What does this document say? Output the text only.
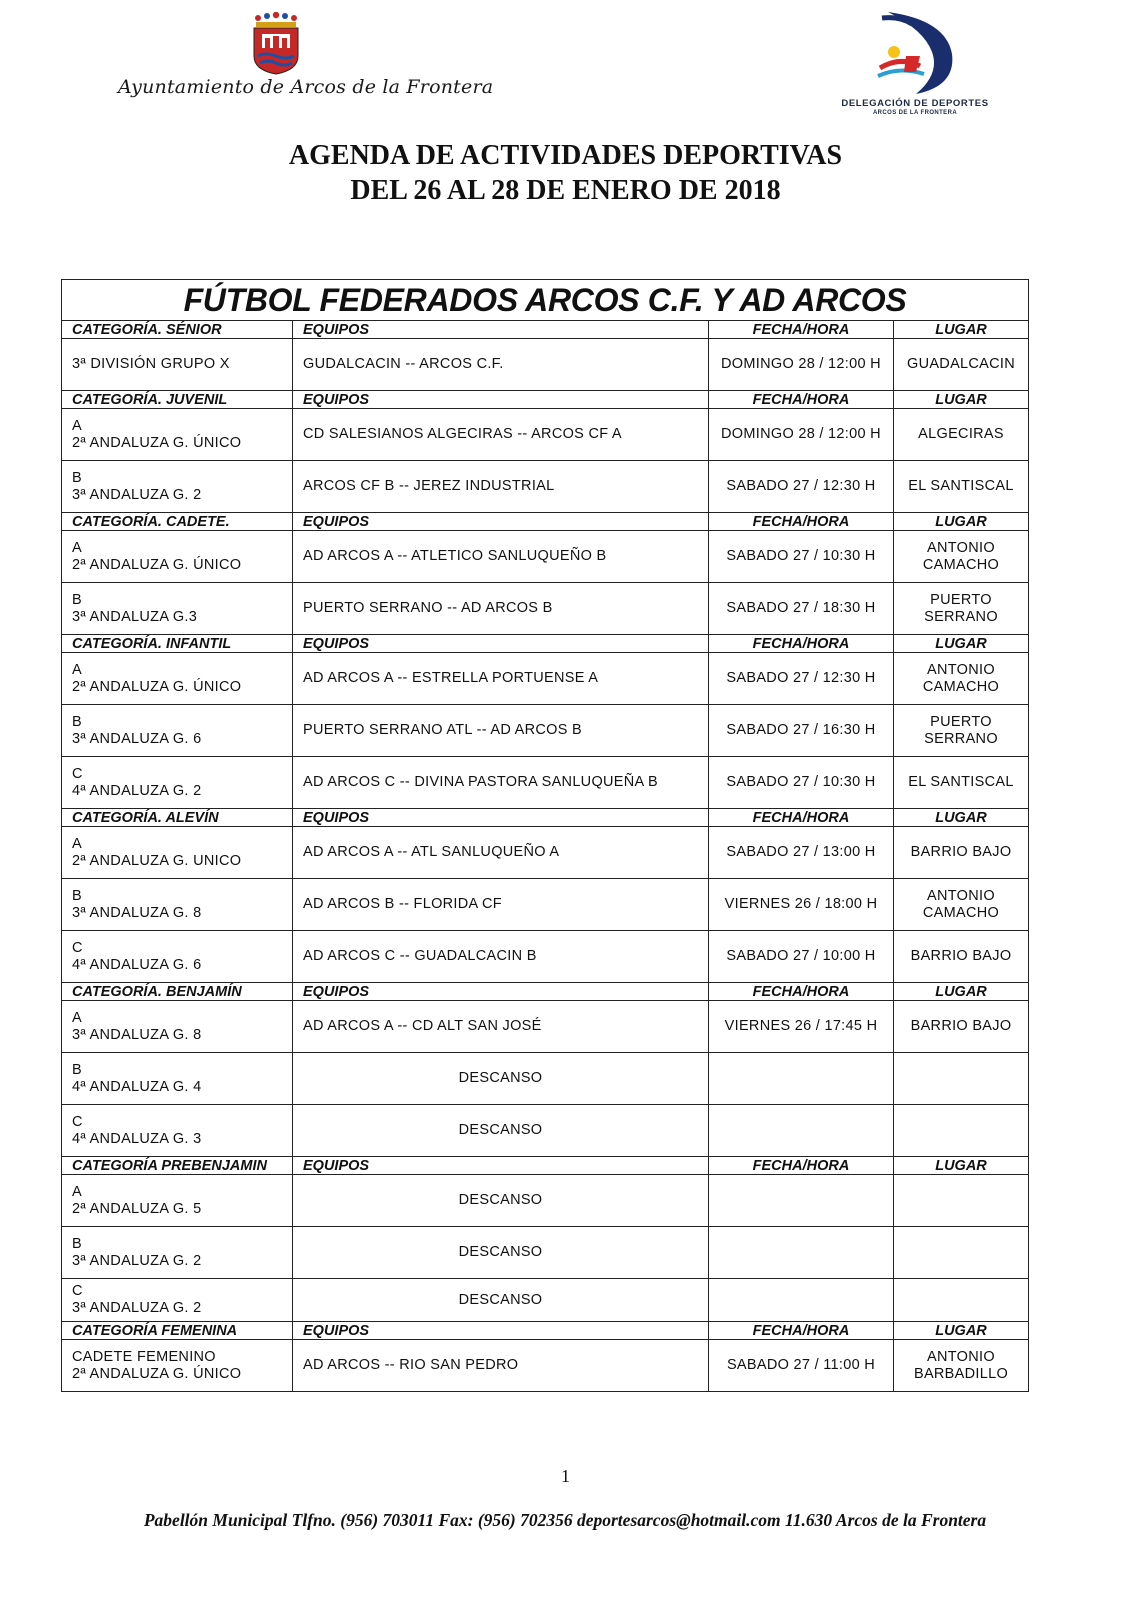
Ayuntamiento de Arcos de la Frontera
DELEGACIÓN DE DEPORTES
ARCOS DE LA FRONTERA
AGENDA DE ACTIVIDADES DEPORTIVAS
DEL 26 AL 28 DE ENERO DE 2018
FÚTBOL FEDERADOS ARCOS C.F. Y AD ARCOS			
CATEGORÍA. SÉNIOR	EQUIPOS	FECHA/HORA	LUGAR

3ª DIVISIÓN GRUPO X	GUDALCACIN -- ARCOS C.F.	DOMINGO 28 / 12:00 H	GUADALCACIN
CATEGORÍA. JUVENIL	EQUIPOS	FECHA/HORA	LUGAR

A
2ª ANDALUZA G. ÚNICO	CD SALESIANOS ALGECIRAS -- ARCOS CF A	DOMINGO 28 / 12:00 H	ALGECIRAS

B
3ª ANDALUZA G. 2	ARCOS CF B -- JEREZ INDUSTRIAL	SABADO 27 / 12:30 H	EL SANTISCAL
CATEGORÍA. CADETE.	EQUIPOS	FECHA/HORA	LUGAR

A
2ª ANDALUZA G. ÚNICO	AD ARCOS A -- ATLETICO SANLUQUEÑO B	SABADO 27 / 10:30 H	ANTONIO CAMACHO

B
3ª ANDALUZA G.3	PUERTO SERRANO -- AD ARCOS B	SABADO 27 / 18:30 H	PUERTO SERRANO
CATEGORÍA. INFANTIL	EQUIPOS	FECHA/HORA	LUGAR

A
2ª ANDALUZA G. ÚNICO	AD ARCOS A -- ESTRELLA PORTUENSE A	SABADO 27 / 12:30 H	ANTONIO CAMACHO

B
3ª ANDALUZA G. 6	PUERTO SERRANO ATL -- AD ARCOS B	SABADO 27 / 16:30 H	PUERTO SERRANO

C
4ª ANDALUZA G. 2	AD ARCOS C -- DIVINA PASTORA SANLUQUEÑA B	SABADO 27 / 10:30 H	EL SANTISCAL
CATEGORÍA. ALEVÍN	EQUIPOS	FECHA/HORA	LUGAR

A
2ª ANDALUZA G. UNICO	AD ARCOS A -- ATL SANLUQUEÑO A	SABADO 27 / 13:00 H	BARRIO BAJO

B
3ª ANDALUZA G. 8	AD ARCOS B -- FLORIDA CF	VIERNES 26 / 18:00 H	ANTONIO CAMACHO

C
4ª ANDALUZA G. 6	AD ARCOS C -- GUADALCACIN B	SABADO 27 / 10:00 H	BARRIO BAJO
CATEGORÍA. BENJAMÍN	EQUIPOS	FECHA/HORA	LUGAR

A
3ª ANDALUZA G. 8	AD ARCOS A -- CD ALT SAN JOSÉ	VIERNES 26 / 17:45 H	BARRIO BAJO

B
4ª ANDALUZA G. 4	DESCANSO		

C
4ª ANDALUZA G. 3	DESCANSO		
CATEGORÍA PREBENJAMIN	EQUIPOS	FECHA/HORA	LUGAR

A
2ª ANDALUZA G. 5	DESCANSO		

B
3ª ANDALUZA G. 2	DESCANSO		

C
3ª ANDALUZA G. 2	DESCANSO		
CATEGORÍA FEMENINA	EQUIPOS	FECHA/HORA	LUGAR

CADETE FEMENINO
2ª ANDALUZA G. ÚNICO	AD ARCOS -- RIO SAN PEDRO	SABADO 27 / 11:00 H	ANTONIO BARBADILLO
1
Pabellón Municipal Tlfno. (956) 703011 Fax: (956) 702356 deportesarcos@hotmail.com 11.630 Arcos de la Frontera
